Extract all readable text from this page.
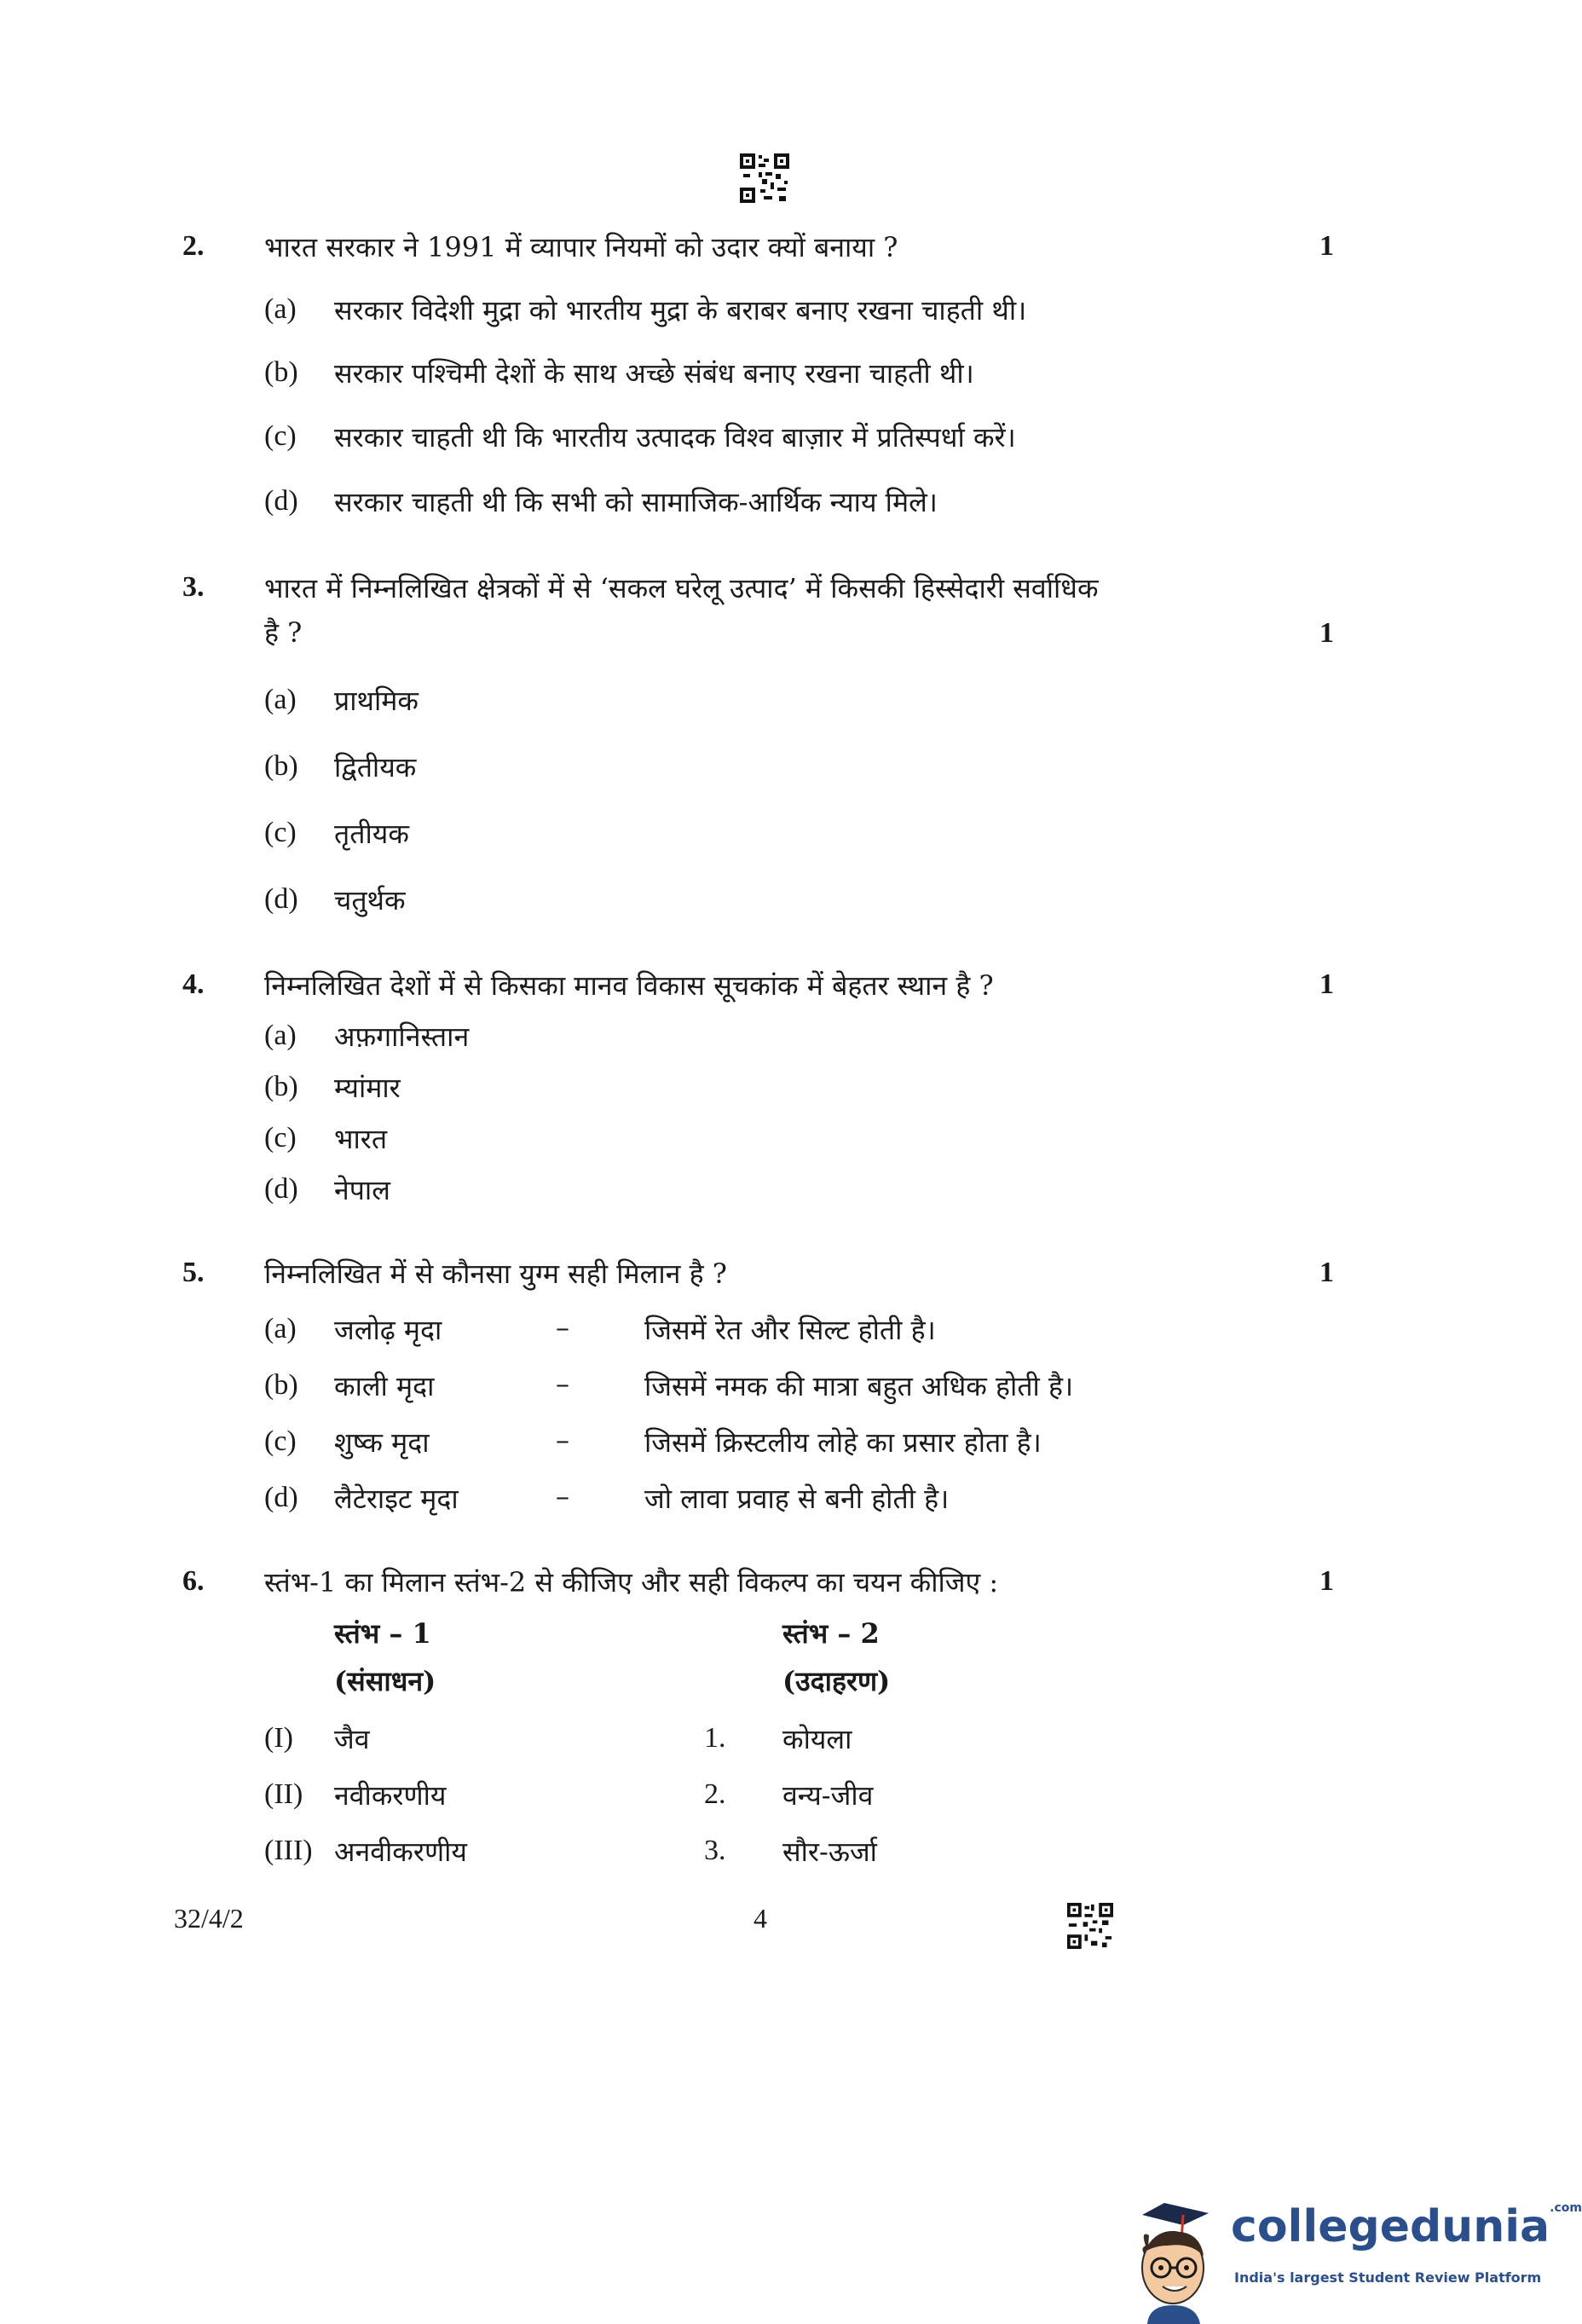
2. भारत सरकार ने 1991 में व्यापार नियमों को उदार क्यों बनाया ?	1
(a) सरकार विदेशी मुद्रा को भारतीय मुद्रा के बराबर बनाए रखना चाहती थी।
(b) सरकार पश्चिमी देशों के साथ अच्छे संबंध बनाए रखना चाहती थी।
(c) सरकार चाहती थी कि भारतीय उत्पादक विश्व बाज़ार में प्रतिस्पर्धा करें।
(d) सरकार चाहती थी कि सभी को सामाजिक-आर्थिक न्याय मिले।
3. भारत में निम्नलिखित क्षेत्रकों में से ‘सकल घरेलू उत्पाद’ में किसकी हिस्सेदारी सर्वाधिक
है ?	1
(a) प्राथमिक
(b) द्वितीयक
(c) तृतीयक
(d) चतुर्थक
4. निम्नलिखित देशों में से किसका मानव विकास सूचकांक में बेहतर स्थान है ?	1
(a) अफ़गानिस्तान
(b) म्यांमार
(c) भारत
(d) नेपाल
5. निम्नलिखित में से कौनसा युग्म सही मिलान है ?	1
(a) जलोढ़ मृदा	–	जिसमें रेत और सिल्ट होती है।
(b) काली मृदा	–	जिसमें नमक की मात्रा बहुत अधिक होती है।
(c) शुष्क मृदा	–	जिसमें क्रिस्टलीय लोहे का प्रसार होता है।
(d) लैटेराइट मृदा	–	जो लावा प्रवाह से बनी होती है।
6. स्तंभ-1 का मिलान स्तंभ-2 से कीजिए और सही विकल्प का चयन कीजिए :	1
स्तंभ – 1
(संसाधन)
स्तंभ – 2
(उदाहरण)
(I) जैव	1. कोयला
(II) नवीकरणीय	2. वन्य-जीव
(III) अनवीकरणीय	3. सौर-ऊर्जा
32/4/2	4
collegedunia$^{.com}$
India's largest Student Review Platform
